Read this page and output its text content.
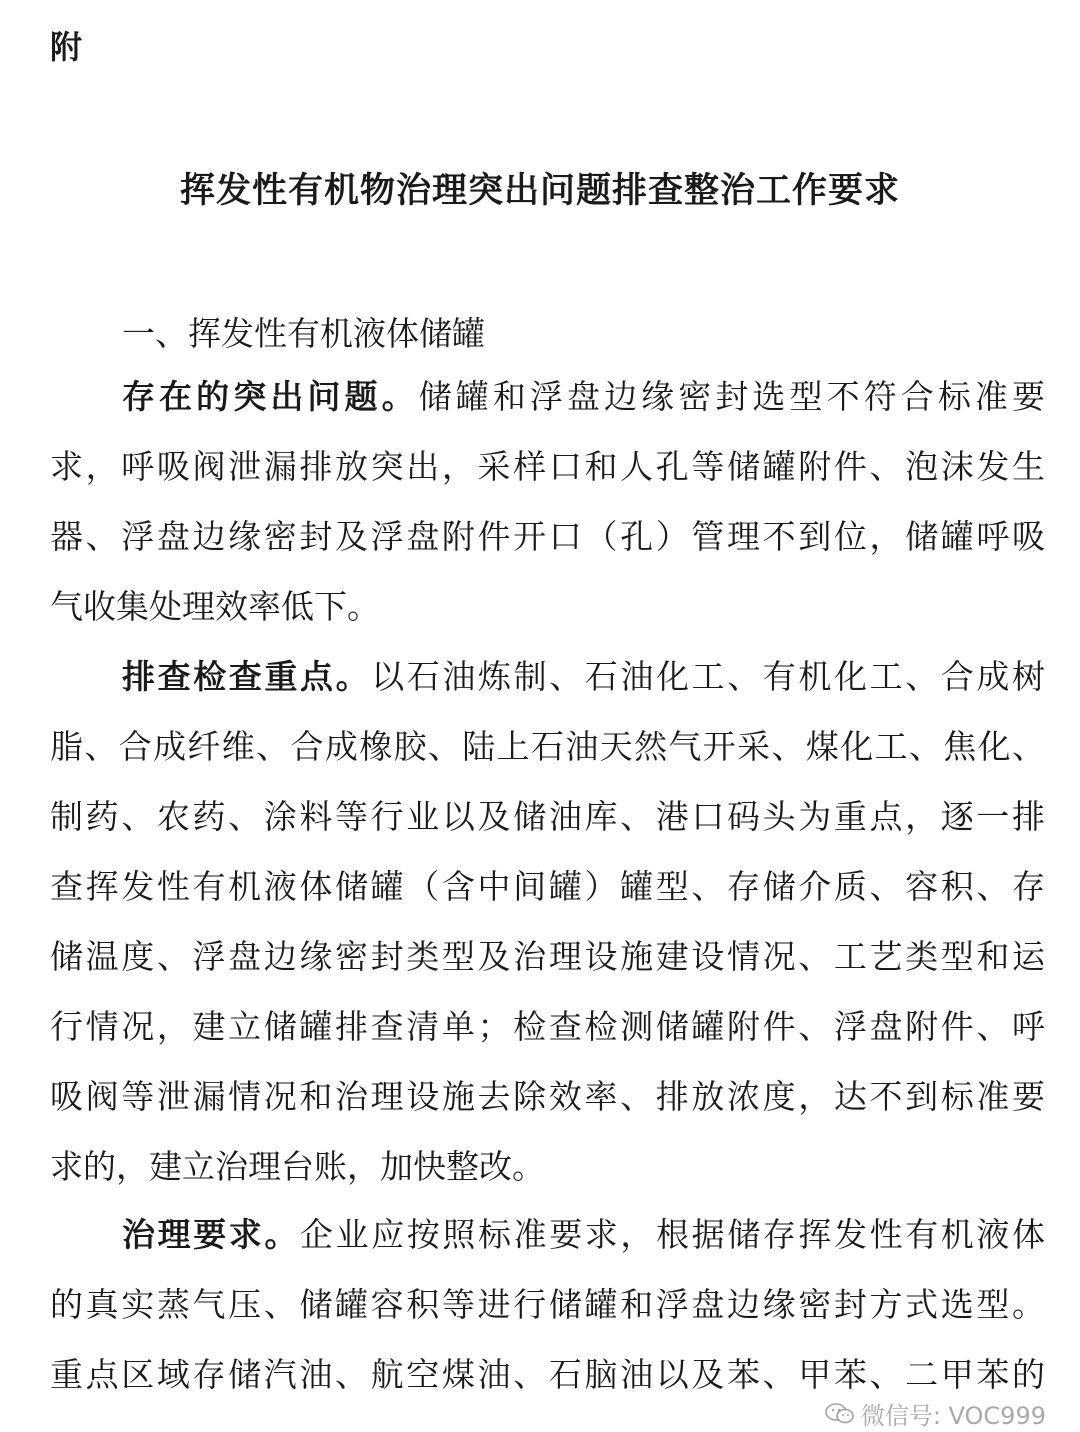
附
挥发性有机物治理突出问题排查整治工作要求
一、挥发性有机液体储罐
存在的突出问题。储罐和浮盘边缘密封选型不符合标准要
求，呼吸阀泄漏排放突出，采样口和人孔等储罐附件、泡沫发生
器、浮盘边缘密封及浮盘附件开口（孔）管理不到位，储罐呼吸
气收集处理效率低下。
排查检查重点。以石油炼制、石油化工、有机化工、合成树
脂、合成纤维、合成橡胶、陆上石油天然气开采、煤化工、焦化、
制药、农药、涂料等行业以及储油库、港口码头为重点，逐一排
查挥发性有机液体储罐（含中间罐）罐型、存储介质、容积、存
储温度、浮盘边缘密封类型及治理设施建设情况、工艺类型和运
行情况，建立储罐排查清单；检查检测储罐附件、浮盘附件、呼
吸阀等泄漏情况和治理设施去除效率、排放浓度，达不到标准要
求的，建立治理台账，加快整改。
治理要求。企业应按照标准要求，根据储存挥发性有机液体
的真实蒸气压、储罐容积等进行储罐和浮盘边缘密封方式选型。
重点区域存储汽油、航空煤油、石脑油以及苯、甲苯、二甲苯的
微信号: VOC999
